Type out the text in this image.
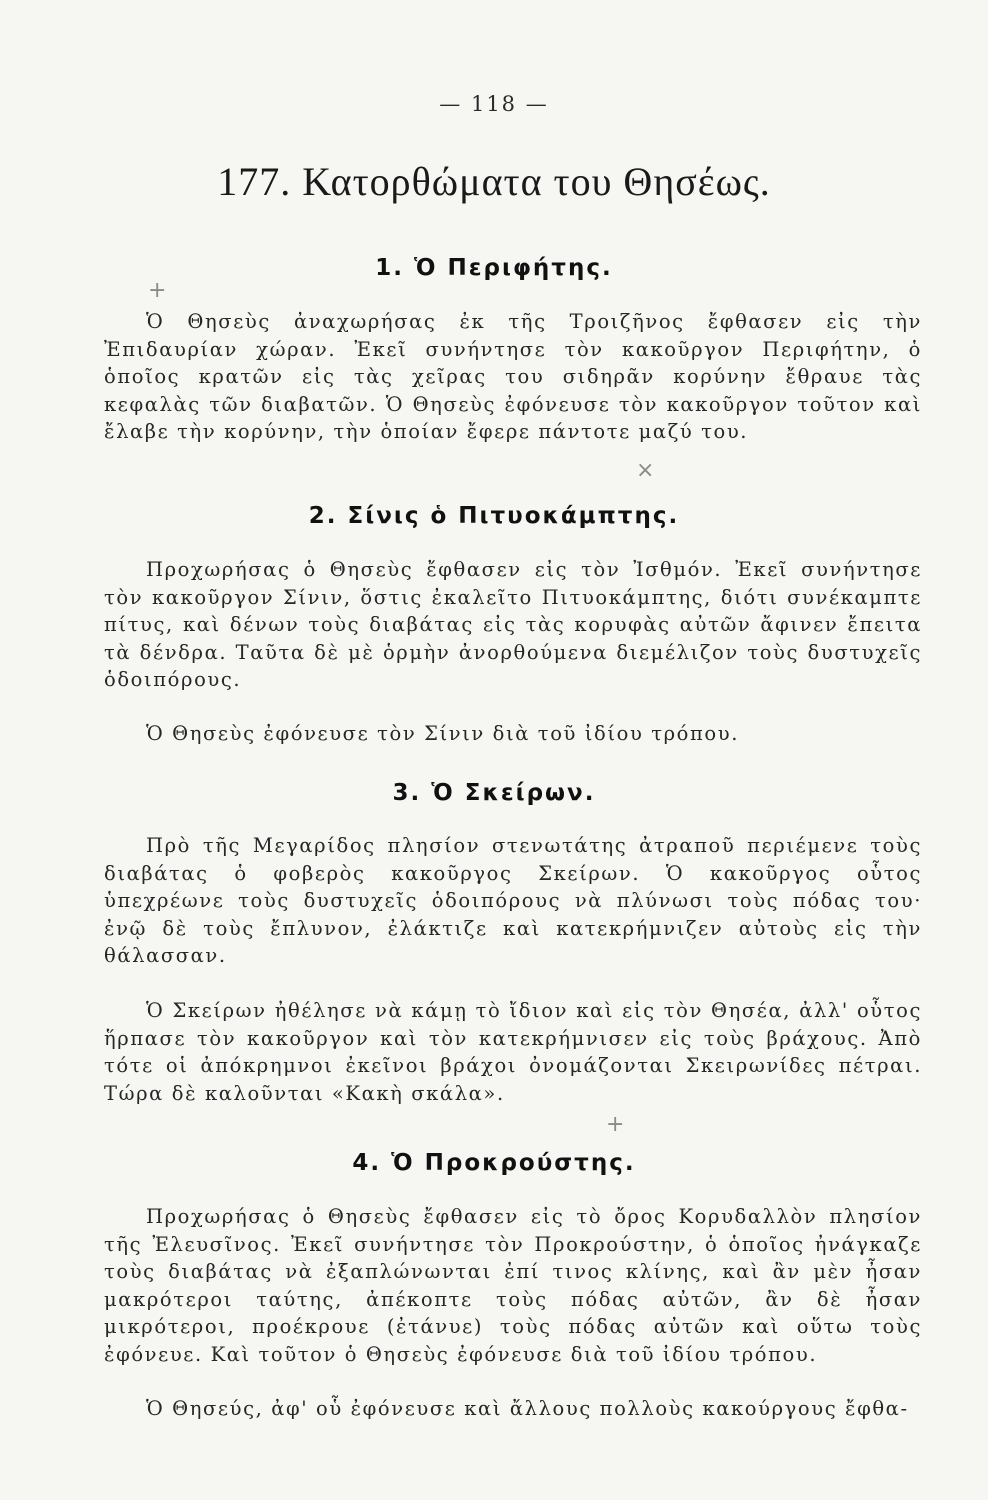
— 118 —
177. Κατορθώματα του Θησέως.
1. Ὁ Περιφήτης.

Ὁ Θησεὺς ἀναχωρήσας ἐκ τῆς Τροιζῆνος ἔφθασεν εἰς τὴν Ἐπιδαυρίαν χώραν. Ἐκεῖ συνήντησε τὸν κακοῦργον Περιφήτην, ὁ ὁποῖος κρατῶν εἰς τὰς χεῖρας του σιδηρᾶν κορύνην ἔθραυε τὰς κεφαλὰς τῶν διαβατῶν. Ὁ Θησεὺς ἐφόνευσε τὸν κακοῦργον τοῦτον καὶ ἔλαβε τὴν κορύνην, τὴν ὁποίαν ἔφερε πάντοτε μαζύ του.

2. Σίνις ὁ Πιτυοκάμπτης.

Προχωρήσας ὁ Θησεὺς ἔφθασεν εἰς τὸν Ἰσθμόν. Ἐκεῖ συνήντησε τὸν κακοῦργον Σίνιν, ὅστις ἐκαλεῖτο Πιτυοκάμπτης, διότι συνέκαμπτε πίτυς, καὶ δένων τοὺς διαβάτας εἰς τὰς κορυφὰς αὐτῶν ἄφινεν ἔπειτα τὰ δένδρα. Ταῦτα δὲ μὲ ὁρμὴν ἀνορθούμενα διεμέλιζον τοὺς δυστυχεῖς ὁδοιπόρους.

Ὁ Θησεὺς ἐφόνευσε τὸν Σίνιν διὰ τοῦ ἰδίου τρόπου.

3. Ὁ Σκείρων.

Πρὸ τῆς Μεγαρίδος πλησίον στενωτάτης ἀτραποῦ περιέμενε τοὺς διαβάτας ὁ φοβερὸς κακοῦργος Σκείρων. Ὁ κακοῦργος οὗτος ὑπεχρέωνε τοὺς δυστυχεῖς ὁδοιπόρους νὰ πλύνωσι τοὺς πόδας του· ἐνῷ δὲ τοὺς ἔπλυνον, ἐλάκτιζε καὶ κατεκρήμνιζεν αὐτοὺς εἰς τὴν θάλασσαν.

Ὁ Σκείρων ἠθέλησε νὰ κάμῃ τὸ ἴδιον καὶ εἰς τὸν Θησέα, ἀλλ' οὗτος ἥρπασε τὸν κακοῦργον καὶ τὸν κατεκρήμνισεν εἰς τοὺς βράχους. Ἀπὸ τότε οἱ ἀπόκρημνοι ἐκεῖνοι βράχοι ὀνομάζονται Σκειρωνίδες πέτραι. Τώρα δὲ καλοῦνται «Κακὴ σκάλα».

4. Ὁ Προκρούστης.

Προχωρήσας ὁ Θησεὺς ἔφθασεν εἰς τὸ ὄρος Κορυδαλλὸν πλησίον τῆς Ἐλευσῖνος. Ἐκεῖ συνήντησε τὸν Προκρούστην, ὁ ὁποῖος ἠνάγκαζε τοὺς διαβάτας νὰ ἐξαπλώνωνται ἐπί τινος κλίνης, καὶ ἂν μὲν ἦσαν μακρότεροι ταύτης, ἀπέκοπτε τοὺς πόδας αὐτῶν, ἂν δὲ ἦσαν μικρότεροι, προέκρουε (ἐτάνυε) τοὺς πόδας αὐτῶν καὶ οὕτω τοὺς ἐφόνευε. Καὶ τοῦτον ὁ Θησεὺς ἐφόνευσε διὰ τοῦ ἰδίου τρόπου.

Ὁ Θησεύς, ἀφ' οὗ ἐφόνευσε καὶ ἄλλους πολλοὺς κακούργους ἔφθα-

+
×
+
